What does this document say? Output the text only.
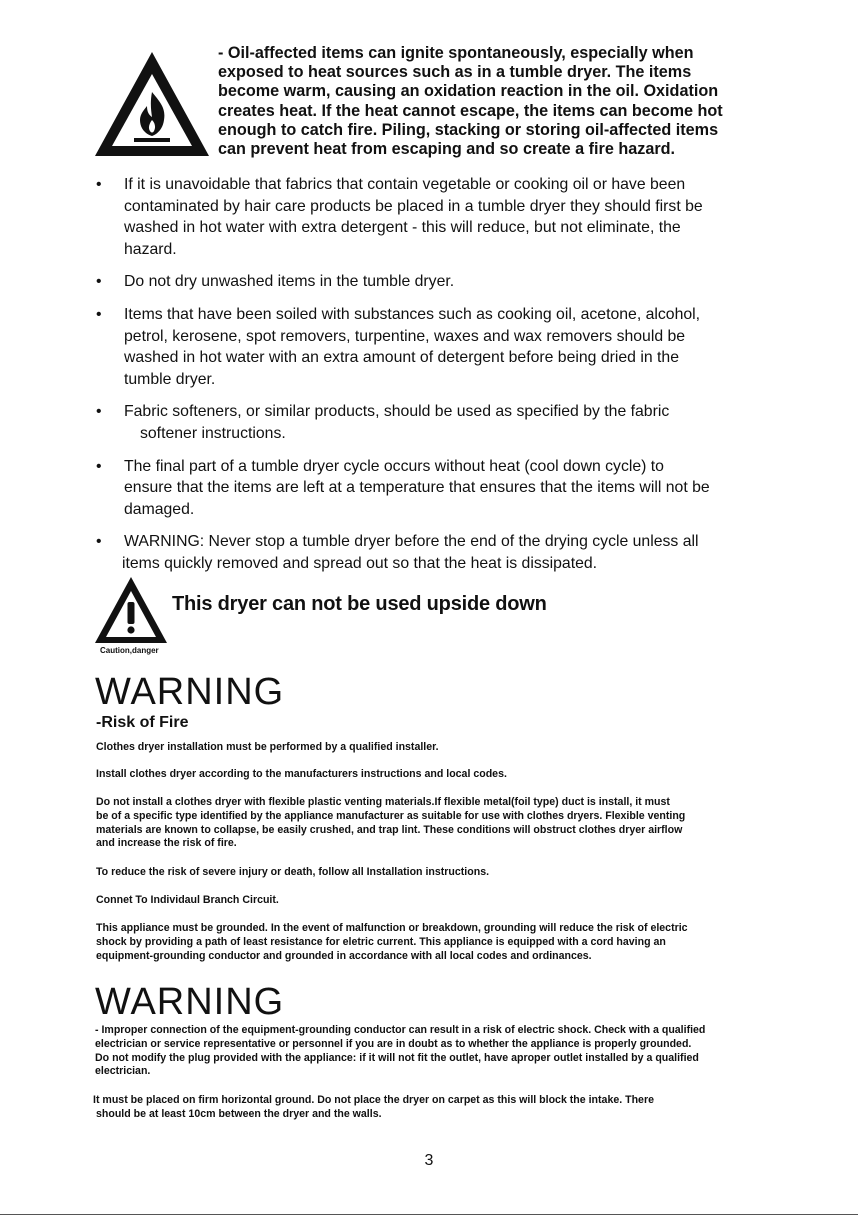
- Oil-affected items can ignite spontaneously, especially when
exposed to heat sources such as in a tumble dryer. The items
become warm, causing an oxidation reaction in the oil. Oxidation
creates heat. If the heat cannot escape, the items can become hot
enough to catch fire. Piling, stacking or storing oil-affected items
can prevent heat from escaping and so create a fire hazard.
•	If it is unavoidable that fabrics that contain vegetable or cooking oil or have been
contaminated by hair care products be placed in a tumble dryer they should first be
washed in hot water with extra detergent - this will reduce, but not eliminate, the
hazard.
•	Do not dry unwashed items in the tumble dryer.
•	Items that have been soiled with substances such as cooking oil, acetone, alcohol,
petrol, kerosene, spot removers, turpentine, waxes and wax removers should be
washed in hot water with an extra amount of detergent before being dried in the
tumble dryer.
•	Fabric softeners, or similar products, should be used as specified by the fabric
softener instructions.
•	The final part of a tumble dryer cycle occurs without heat (cool down cycle) to
ensure that the items are left at a temperature that ensures that the items will not be
damaged.
•	WARNING: Never stop a tumble dryer before the end of the drying cycle unless all
items quickly removed and spread out so that the heat is dissipated.
Caution,danger
This dryer can not be used upside down
WARNING
-Risk of Fire
Clothes dryer installation must be performed by a qualified installer.
Install clothes dryer according to the manufacturers instructions and local codes.
Do not install a clothes dryer with flexible plastic venting materials.If flexible metal(foil type) duct is install, it must
be of a specific type identified by the appliance manufacturer as suitable for use with clothes dryers. Flexible venting
materials are known to collapse, be easily crushed, and trap lint. These conditions will obstruct clothes dryer airflow
and increase the risk of fire.
To reduce the risk of severe injury or death, follow all Installation instructions.
Connet To Individaul Branch Circuit.
This appliance must be grounded. In the event of malfunction or breakdown, grounding will reduce the risk of electric
shock by providing a path of least resistance for eletric current. This appliance is equipped with a cord having an
equipment-grounding conductor and grounded in accordance with all local codes and ordinances.
WARNING
- Improper connection of the equipment-grounding conductor can result in a risk of electric shock. Check with a qualified
electrician or service representative or personnel if you are in doubt as to whether the appliance is properly grounded.
Do not modify the plug provided with the appliance: if it will not fit the outlet, have aproper outlet installed by a qualified
electrician.
It must be placed on firm horizontal ground. Do not place the dryer on carpet as this will block the intake. There
should be at least 10cm between the dryer and the walls.
3
